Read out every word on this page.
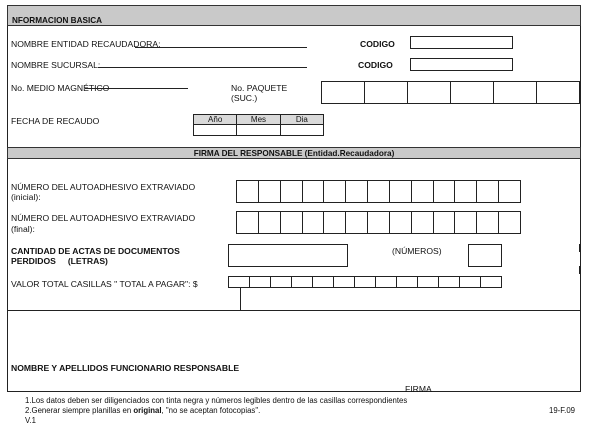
NFORMACION BASICA
NOMBRE ENTIDAD RECAUDADORA:	CODIGO
NOMBRE SUCURSAL:	CODIGO
No. MEDIO MAGNÉTICO	No. PAQUETE
(SUC.)
FECHA DE RECAUDO	Año	Mes	Dia
FIRMA DEL RESPONSABLE (Entidad.Recaudadora)
NÚMERO DEL AUTOADHESIVO EXTRAVIADO
(inicial):
NÚMERO DEL AUTOADHESIVO EXTRAVIADO
(final):
CANTIDAD DE ACTAS DE DOCUMENTOS
PERDIDOS     (LETRAS)
(NÚMEROS)
VALOR TOTAL CASILLAS " TOTAL A PAGAR": $
NOMBRE Y APELLIDOS FUNCIONARIO RESPONSABLE
FIRMA
1.Los datos deben ser diligenciados con tinta negra y números legibles dentro de las casillas correspondientes
2.Generar siempre planillas en original, "no se aceptan fotocopias".
V.1
19-F.09
